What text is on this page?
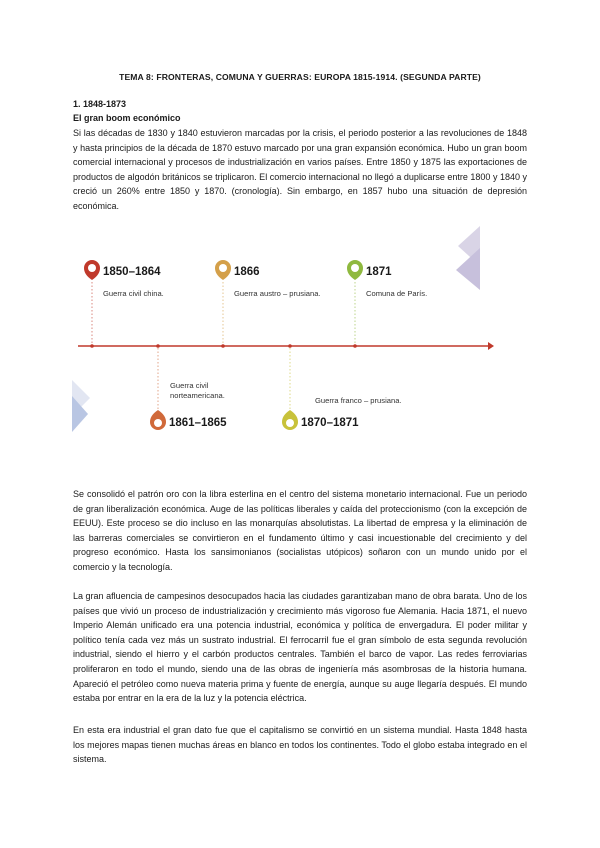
TEMA 8: FRONTERAS, COMUNA Y GUERRAS: EUROPA 1815-1914. (SEGUNDA PARTE)
1. 1848-1873
El gran boom económico

Si las décadas de 1830 y 1840 estuvieron marcadas por la crisis, el periodo posterior a las revoluciones de 1848 y hasta principios de la década de 1870 estuvo marcado por una gran expansión económica. Hubo un gran boom comercial internacional y procesos de industrialización en varios países. Entre 1850 y 1875 las exportaciones de productos de algodón británicos se triplicaron. El comercio internacional no llegó a duplicarse entre 1800 y 1840 y creció un 260% entre 1850 y 1870. (cronología). Sin embargo, en 1857 hubo una situación de depresión económica.

1850–1864
Guerra civil china.
1866
Guerra austro – prusiana.
1871
Comuna de París.
Guerra civil
norteamericana.
1861–1865
Guerra franco – prusiana.
1870–1871

Se consolidó el patrón oro con la libra esterlina en el centro del sistema monetario internacional. Fue un periodo de gran liberalización económica. Auge de las políticas liberales y caída del proteccionismo (con la excepción de EEUU). Este proceso se dio incluso en las monarquías absolutistas. La libertad de empresa y la eliminación de las barreras comerciales se convirtieron en el fundamento último y casi incuestionable del crecimiento y del progreso económico. Hasta los sansimonianos (socialistas utópicos) soñaron con un mundo unido por el comercio y la tecnología.

La gran afluencia de campesinos desocupados hacia las ciudades garantizaban mano de obra barata. Uno de los países que vivió un proceso de industrialización y crecimiento más vigoroso fue Alemania. Hacia 1871, el nuevo Imperio Alemán unificado era una potencia industrial, económica y política de envergadura. El poder militar y político tenía cada vez más un sustrato industrial. El ferrocarril fue el gran símbolo de esta segunda revolución industrial, siendo el hierro y el carbón productos centrales. También el barco de vapor. Las redes ferroviarias proliferaron en todo el mundo, siendo una de las obras de ingeniería más asombrosas de la historia humana. Apareció el petróleo como nueva materia prima y fuente de energía, aunque su auge llegaría después. El mundo estaba por entrar en la era de la luz y la potencia eléctrica.

En esta era industrial el gran dato fue que el capitalismo se convirtió en un sistema mundial. Hasta 1848 hasta los mejores mapas tienen muchas áreas en blanco en todos los continentes. Todo el globo estaba integrado en el sistema.
